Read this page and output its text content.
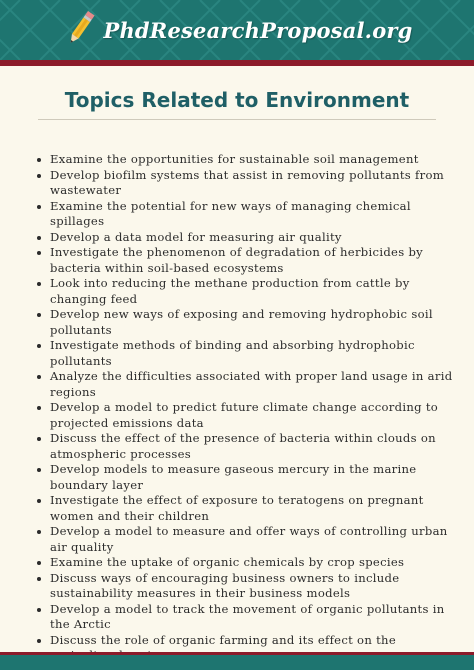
PhdResearchProposal.org
Topics Related to Environment
Examine the opportunities for sustainable soil management
Develop biofilm systems that assist in removing pollutants from wastewater
Examine the potential for new ways of managing chemical spillages
Develop a data model for measuring air quality
Investigate the phenomenon of degradation of herbicides by bacteria within soil-based ecosystems
Look into reducing the methane production from cattle by changing feed
Develop new ways of exposing and removing hydrophobic soil pollutants
Investigate methods of binding and absorbing hydrophobic pollutants
Analyze the difficulties associated with proper land usage in arid regions
Develop a model to predict future climate change according to projected emissions data
Discuss the effect of the presence of bacteria within clouds on atmospheric processes
Develop models to measure gaseous mercury in the marine boundary layer
Investigate the effect of exposure to teratogens on pregnant women and their children
Develop a model to measure and offer ways of controlling urban air quality
Examine the uptake of organic chemicals by crop species
Discuss ways of encouraging business owners to include sustainability measures in their business models
Develop a model to track the movement of organic pollutants in the Arctic
Discuss the role of organic farming and its effect on the
